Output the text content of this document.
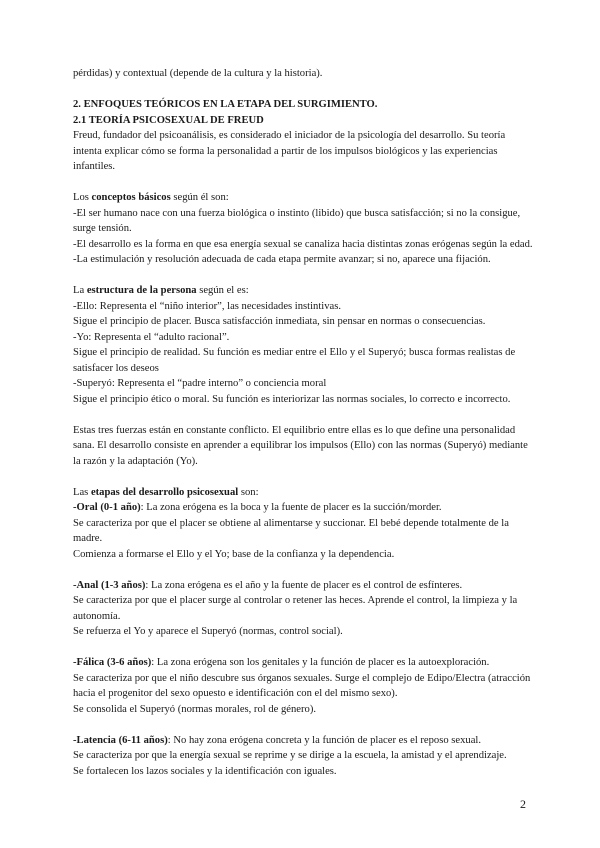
pérdidas) y contextual (depende de la cultura y la historia).

2. ENFOQUES TEÓRICOS EN LA ETAPA DEL SURGIMIENTO.

2.1 TEORÍA PSICOSEXUAL DE FREUD

Freud, fundador del psicoanálisis, es considerado el iniciador de la psicología del desarrollo. Su teoría intenta explicar cómo se forma la personalidad a partir de los impulsos biológicos y las experiencias infantiles.

Los conceptos básicos según él son:

-El ser humano nace con una fuerza biológica o instinto (libido) que busca satisfacción; si no la consigue, surge tensión.

-El desarrollo es la forma en que esa energía sexual se canaliza hacia distintas zonas erógenas según la edad.

-La estimulación y resolución adecuada de cada etapa permite avanzar; si no, aparece una fijación.

La estructura de la persona según el es:

-Ello: Representa el “niño interior”, las necesidades instintivas.

Sigue el principio de placer. Busca satisfacción inmediata, sin pensar en normas o consecuencias.

-Yo: Representa el “adulto racional”.

Sigue el principio de realidad. Su función es mediar entre el Ello y el Superyó; busca formas realistas de satisfacer los deseos

-Superyó: Representa el “padre interno” o conciencia moral

Sigue el principio ético o moral. Su función es interiorizar las normas sociales, lo correcto e incorrecto.

Estas tres fuerzas están en constante conflicto. El equilibrio entre ellas es lo que define una personalidad sana. El desarrollo consiste en aprender a equilibrar los impulsos (Ello) con las normas (Superyó) mediante la razón y la adaptación (Yo).

Las etapas del desarrollo psicosexual son:

-Oral (0-1 año): La zona erógena es la boca y la fuente de placer es la succión/morder.

Se caracteriza por que el placer se obtiene al alimentarse y succionar. El bebé depende totalmente de la madre.

Comienza a formarse el Ello y el Yo; base de la confianza y la dependencia.

-Anal (1-3 años): La zona erógena es el año y la fuente de placer es el control de esfínteres.

Se caracteriza por que el placer surge al controlar o retener las heces. Aprende el control, la limpieza y la autonomía.

Se refuerza el Yo y aparece el Superyó (normas, control social).

-Fálica (3-6 años): La zona erógena son los genitales y la función de placer es la autoexploración.

Se caracteriza por que el niño descubre sus órganos sexuales. Surge el complejo de Edipo/Electra (atracción hacia el progenitor del sexo opuesto e identificación con el del mismo sexo).

Se consolida el Superyó (normas morales, rol de género).

-Latencia (6-11 años): No hay zona erógena concreta y la función de placer es el reposo sexual.

Se caracteriza por que la energía sexual se reprime y se dirige a la escuela, la amistad y el aprendizaje.

Se fortalecen los lazos sociales y la identificación con iguales.

2
